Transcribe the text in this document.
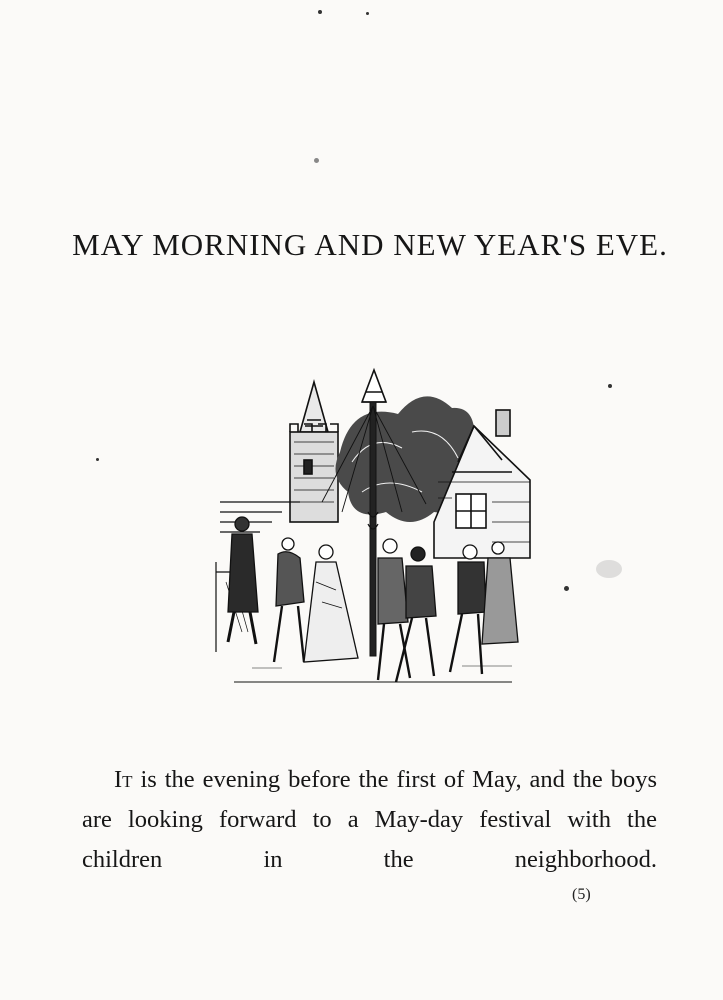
MAY MORNING AND NEW YEAR'S EVE.

It is the evening before the first of May, and the boys are looking forward to a May-day festival with the children in the neighborhood.

(5)
